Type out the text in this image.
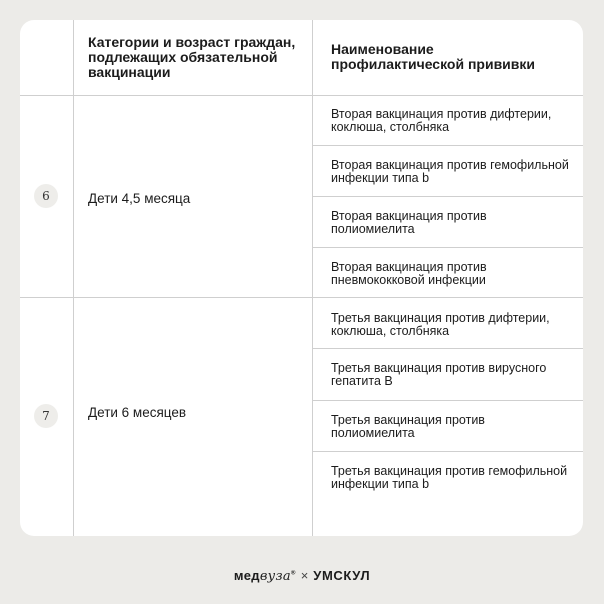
Категории и возраст граждан, подлежащих обязательной вакцинации
Наименование профилактической прививки
6	Дети 4,5 месяца
Вторая вакцинация против дифтерии, коклюша, столбняка
Вторая вакцинация против гемофильной инфекции типа b
Вторая вакцинация против полиомиелита
Вторая вакцинация против пневмококковой инфекции
7	Дети 6 месяцев
Третья вакцинация против дифтерии, коклюша, столбняка
Третья вакцинация против вирусного гепатита В
Третья вакцинация против полиомиелита
Третья вакцинация против гемофильной инфекции типа b
медвуза® × УМСКУЛ
